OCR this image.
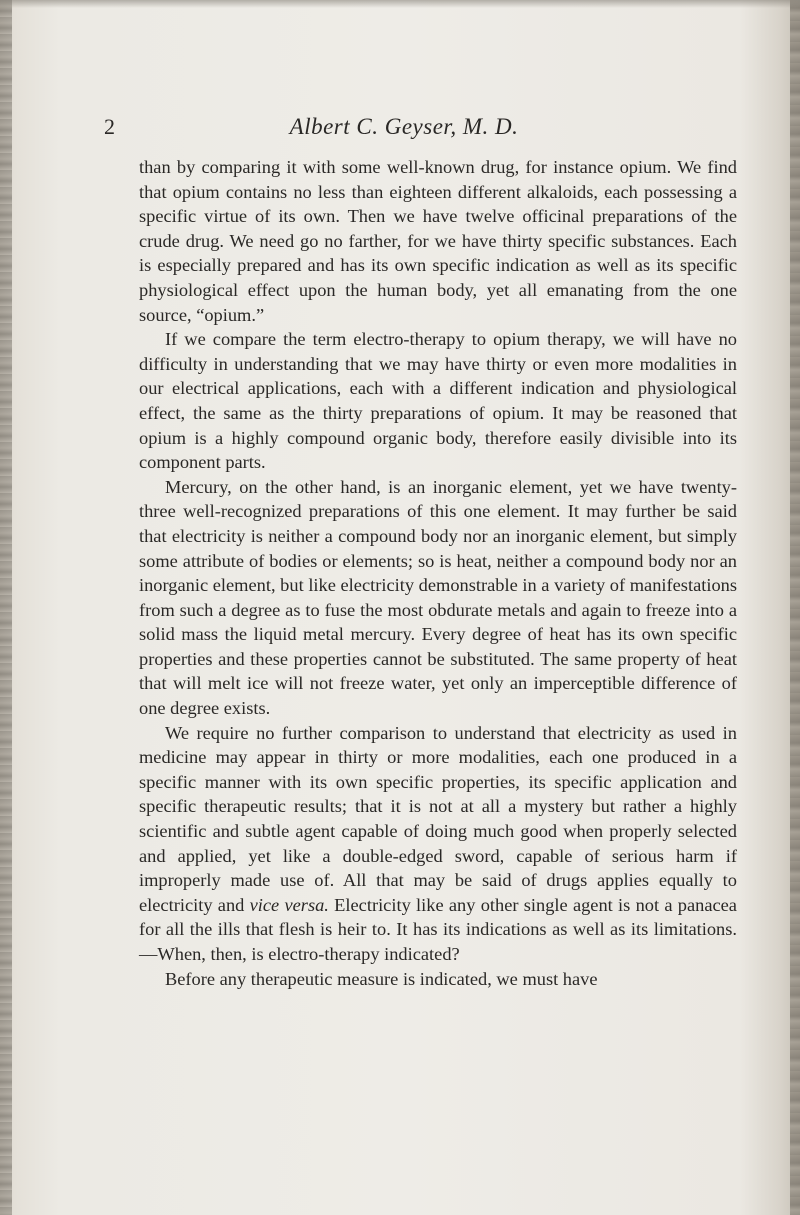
2	Albert C. Geyser, M. D.

than by comparing it with some well-known drug, for instance opium. We find that opium contains no less than eighteen different alkaloids, each possessing a specific virtue of its own. Then we have twelve officinal preparations of the crude drug. We need go no farther, for we have thirty specific substances. Each is especially prepared and has its own specific indication as well as its specific physiological effect upon the human body, yet all emanating from the one source, “opium.”

If we compare the term electro-therapy to opium therapy, we will have no difficulty in understanding that we may have thirty or even more modalities in our electrical applications, each with a different indication and physiological effect, the same as the thirty preparations of opium. It may be reasoned that opium is a highly compound organic body, therefore easily divisible into its component parts.

Mercury, on the other hand, is an inorganic element, yet we have twenty-three well-recognized preparations of this one element. It may further be said that electricity is neither a compound body nor an inorganic element, but simply some attribute of bodies or elements; so is heat, neither a compound body nor an inorganic element, but like electricity demonstrable in a variety of manifestations from such a degree as to fuse the most obdurate metals and again to freeze into a solid mass the liquid metal mercury. Every degree of heat has its own specific properties and these properties cannot be substituted. The same property of heat that will melt ice will not freeze water, yet only an imperceptible difference of one degree exists.

We require no further comparison to understand that electricity as used in medicine may appear in thirty or more modalities, each one produced in a specific manner with its own specific properties, its specific application and specific therapeutic results; that it is not at all a mystery but rather a highly scientific and subtle agent capable of doing much good when properly selected and applied, yet like a double-edged sword, capable of serious harm if improperly made use of. All that may be said of drugs applies equally to electricity and vice versa. Electricity like any other single agent is not a panacea for all the ills that flesh is heir to. It has its indications as well as its limitations.—When, then, is electro-therapy indicated?

Before any therapeutic measure is indicated, we must have
